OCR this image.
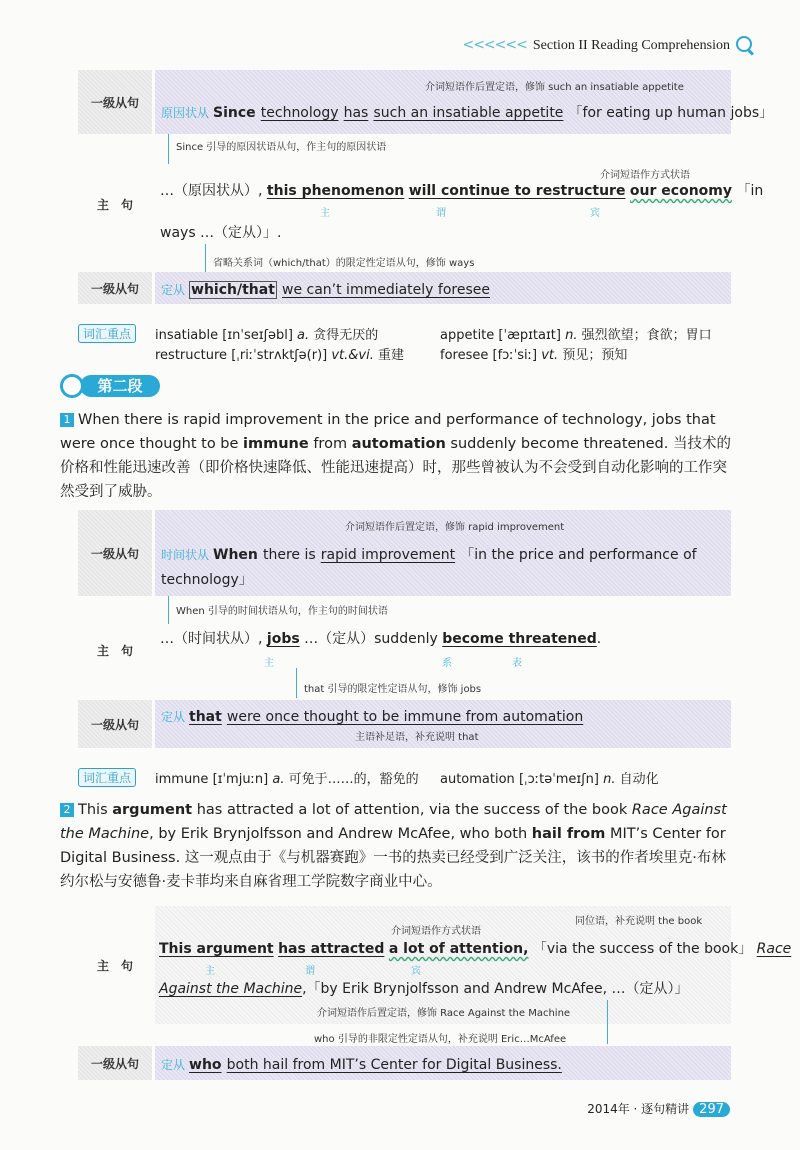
<<<<<< Section II Reading Comprehension
一级从句
介词短语作后置定语，修饰 such an insatiable appetite
原因状从 Since technology has such an insatiable appetite 「for eating up human jobs」
Since 引导的原因状语从句，作主句的原因状语
主　句
介词短语作方式状语
…（原因状从）, this phenomenon will continue to restructure our economy 「in
主	谓	宾
ways …（定从）」.
省略关系词（which/that）的限定性定语从句，修饰 ways
一级从句	定从 which/that we can’t immediately foresee
词汇重点	insatiable [ɪnˈseɪʃəbl] a. 贪得无厌的	appetite [ˈæpɪtaɪt] n. 强烈欲望；食欲；胃口
restructure [ˌriːˈstrʌktʃə(r)] vt.&vi. 重建	foresee [fɔːˈsiː] vt. 预见；预知
第二段
1 When there is rapid improvement in the price and performance of technology, jobs that were once thought to be immune from automation suddenly become threatened. 当技术的价格和性能迅速改善（即价格快速降低、性能迅速提高）时，那些曾被认为不会受到自动化影响的工作突然受到了威胁。
一级从句
介词短语作后置定语，修饰 rapid improvement
时间状从 When there is rapid improvement 「in the price and performance of technology」
When 引导的时间状语从句，作主句的时间状语
主　句
…（时间状从）, jobs …（定从）suddenly become threatened.
主	系	表
that 引导的限定性定语从句，修饰 jobs
一级从句
定从 that were once thought to be immune from automation
主语补足语，补充说明 that
词汇重点	immune [ɪˈmjuːn] a. 可免于……的，豁免的 automation [ˌɔːtəˈmeɪʃn] n. 自动化
2 This argument has attracted a lot of attention, via the success of the book Race Against the Machine, by Erik Brynjolfsson and Andrew McAfee, who both hail from MIT’s Center for Digital Business. 这一观点由于《与机器赛跑》一书的热卖已经受到广泛关注，该书的作者埃里克·布林约尔松与安德鲁·麦卡菲均来自麻省理工学院数字商业中心。
主　句
同位语，补充说明 the book
介词短语作方式状语
This argument has attracted a lot of attention, 「via the success of the book」 Race
主	谓	宾
Against the Machine,「by Erik Brynjolfsson and Andrew McAfee, …（定从）」
介词短语作后置定语，修饰 Race Against the Machine
who 引导的非限定性定语从句，补充说明 Eric…McAfee
一级从句	定从 who both hail from MIT’s Center for Digital Business.
2014年 · 逐句精讲 297
